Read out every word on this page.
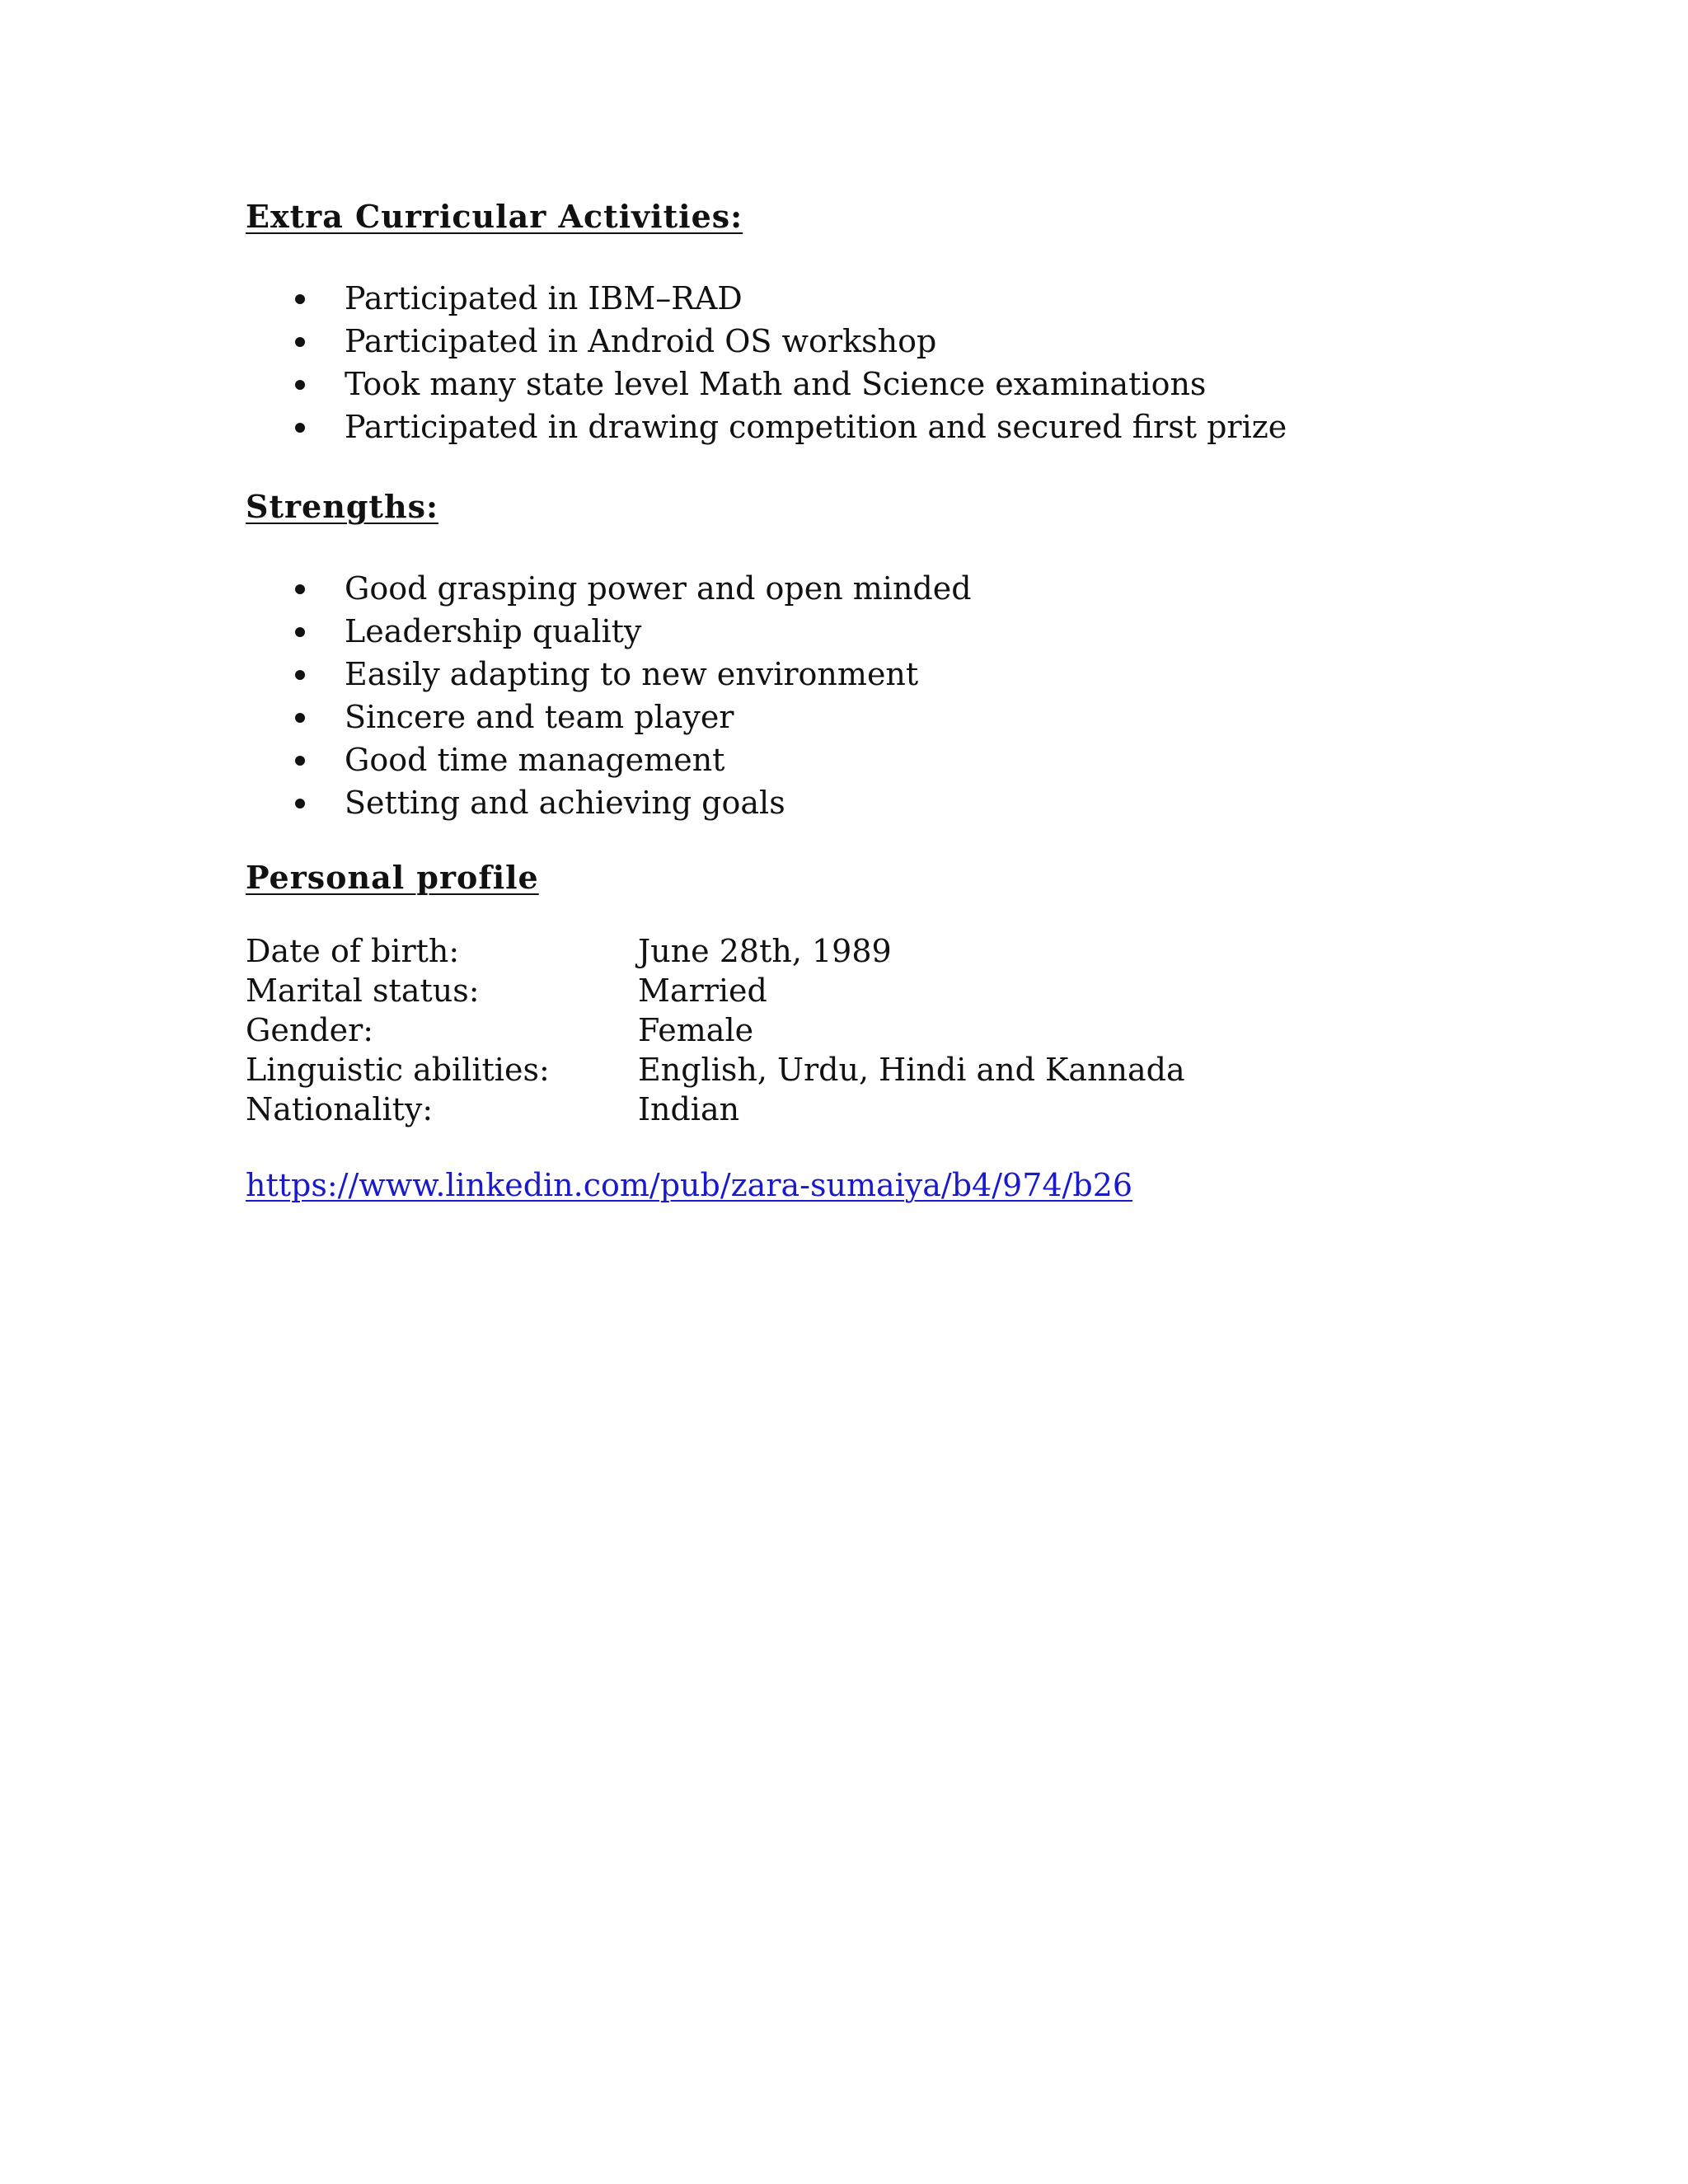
Extra Curricular Activities:
Participated in IBM–RAD
Participated in Android OS workshop
Took many state level Math and Science examinations
Participated in drawing competition and secured first prize
Strengths:
Good grasping power and open minded
Leadership quality
Easily adapting to new environment
Sincere and team player
Good time management
Setting and achieving goals
Personal profile
Date of birth:	June 28th, 1989
Marital status:	Married
Gender:	Female
Linguistic abilities:	English, Urdu, Hindi and Kannada
Nationality:	Indian
https://www.linkedin.com/pub/zara-sumaiya/b4/974/b26
